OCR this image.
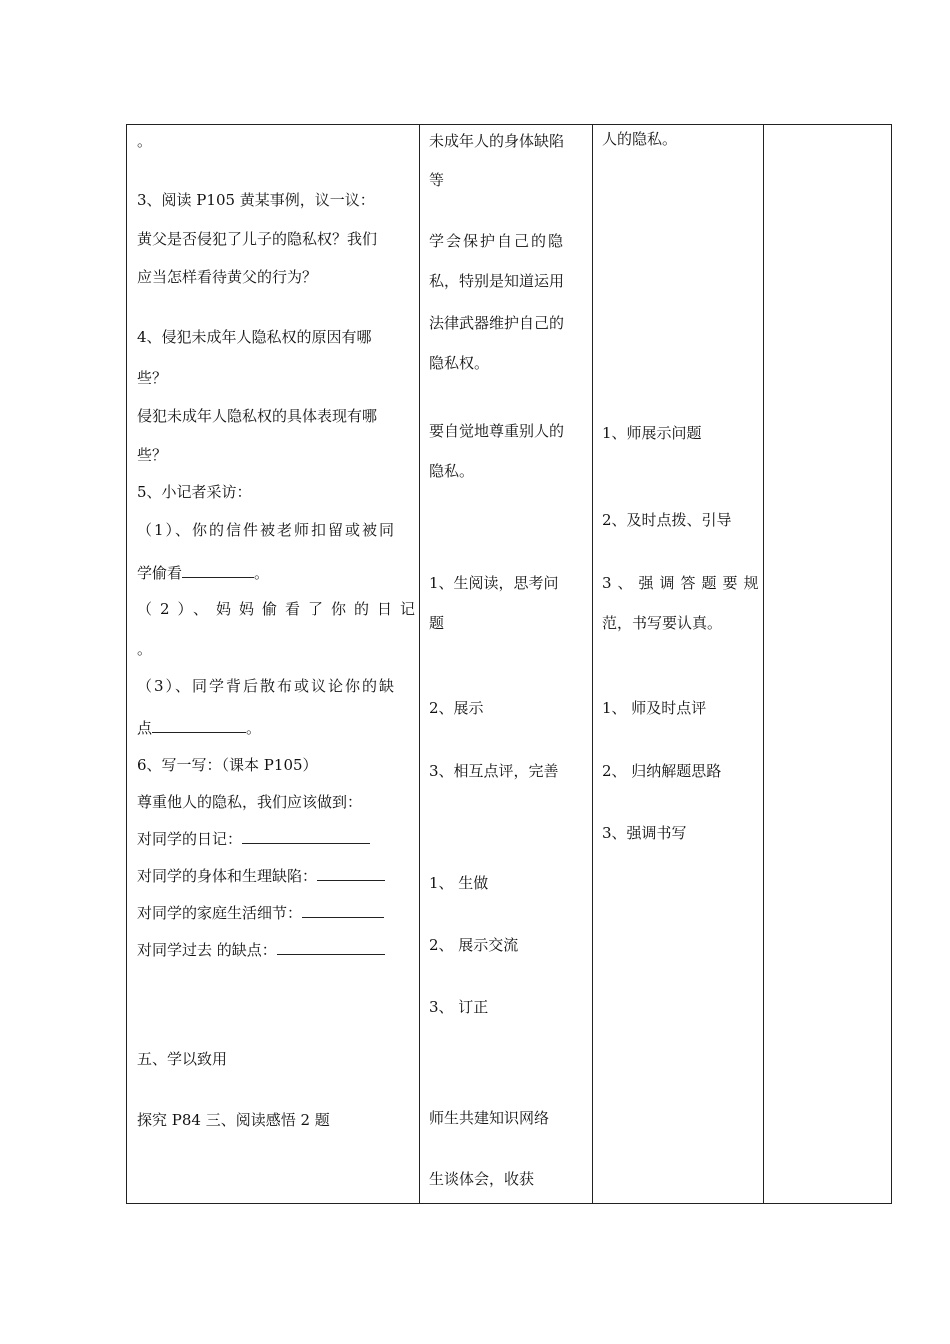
。
3、阅读 P105 黄某事例，议一议：
黄父是否侵犯了儿子的隐私权？我们
应当怎样看待黄父的行为？
4、侵犯未成年人隐私权的原因有哪
些？
侵犯未成年人隐私权的具体表现有哪
些？
5、小记者采访：
（1）、你的信件被老师扣留或被同
学偷看	。
（2）、妈妈偷看了你的日记
。
（3）、同学背后散布或议论你的缺
点	。
6、写一写：（课本 P105）
尊重他人的隐私，我们应该做到：
对同学的日记：
对同学的身体和生理缺陷：
对同学的家庭生活细节：
对同学过去 的缺点：
五、学以致用
探究 P84 三、阅读感悟 2 题
未成年人的身体缺陷
等
学会保护自己的隐
私，特别是知道运用
法律武器维护自己的
隐私权。
要自觉地尊重别人的
隐私。
1、生阅读，思考问
题
2、展示
3、相互点评，完善
1、 生做
2、 展示交流
3、 订正
师生共建知识网络
生谈体会，收获
人的隐私。
1、师展示问题
2、及时点拨、引导
3、强调答题要规
范，书写要认真。
1、 师及时点评
2、 归纳解题思路
3、强调书写
